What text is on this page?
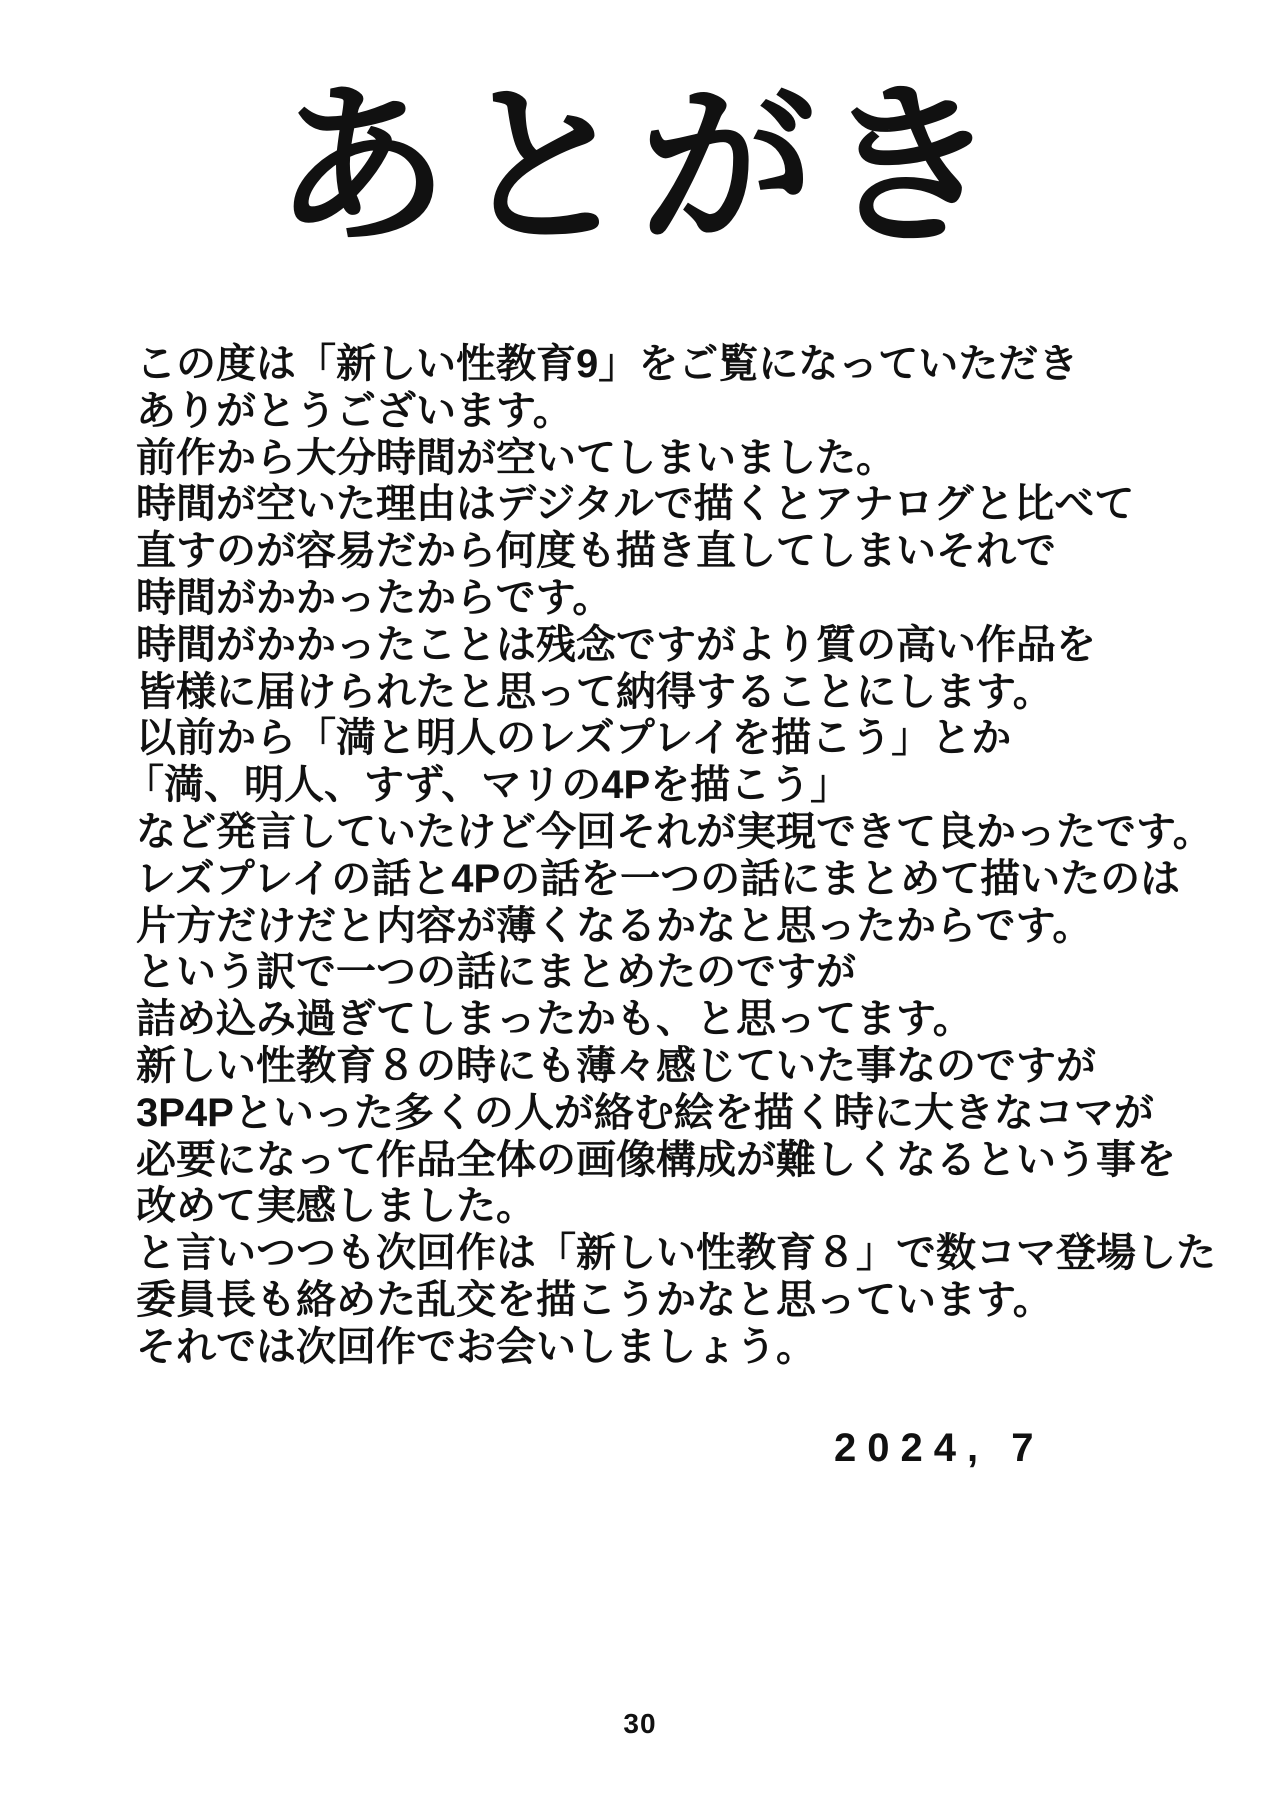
あとがき
この度は「新しい性教育9」をご覧になっていただき
ありがとうございます。
前作から大分時間が空いてしまいました。
時間が空いた理由はデジタルで描くとアナログと比べて
直すのが容易だから何度も描き直してしまいそれで
時間がかかったからです。
時間がかかったことは残念ですがより質の高い作品を
皆様に届けられたと思って納得することにします。
以前から「満と明人のレズプレイを描こう」とか
「満、明人、すず、マリの4Pを描こう」
など発言していたけど今回それが実現できて良かったです。
レズプレイの話と4Pの話を一つの話にまとめて描いたのは
片方だけだと内容が薄くなるかなと思ったからです。
という訳で一つの話にまとめたのですが
詰め込み過ぎてしまったかも、と思ってます。
新しい性教育８の時にも薄々感じていた事なのですが
3P4Pといった多くの人が絡む絵を描く時に大きなコマが
必要になって作品全体の画像構成が難しくなるという事を
改めて実感しました。
と言いつつも次回作は「新しい性教育８」で数コマ登場した
委員長も絡めた乱交を描こうかなと思っています。
それでは次回作でお会いしましょう。
2024, 7
30
